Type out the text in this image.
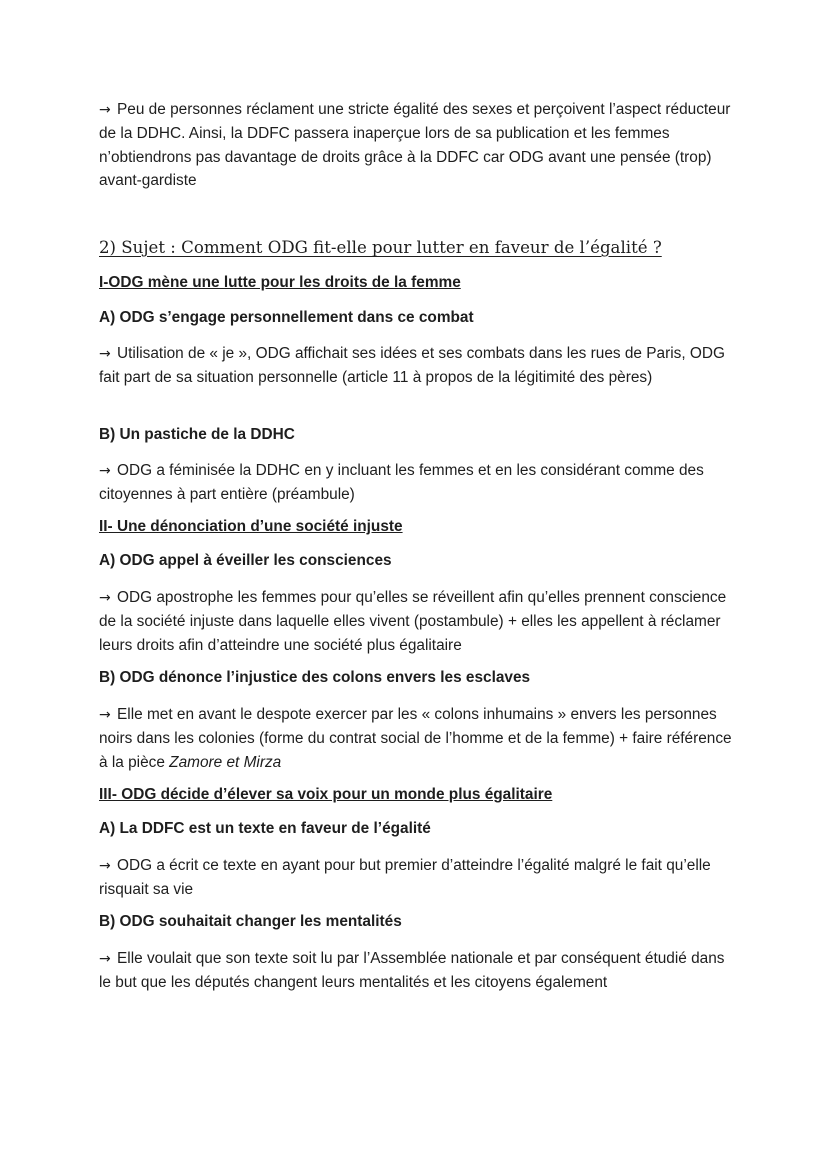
→ Peu de personnes réclament une stricte égalité des sexes et perçoivent l’aspect réducteur de la DDHC. Ainsi, la DDFC passera inaperçue lors de sa publication et les femmes n’obtiendrons pas davantage de droits grâce à la DDFC car ODG avant une pensée (trop) avant-gardiste

2) Sujet : Comment ODG fit-elle pour lutter en faveur de l’égalité ?
I-ODG mène une lutte pour les droits de la femme
A) ODG s’engage personnellement dans ce combat

→ Utilisation de « je », ODG affichait ses idées et ses combats dans les rues de Paris, ODG fait part de sa situation personnelle (article 11 à propos de la légitimité des pères)

B) Un pastiche de la DDHC

→ ODG a féminisée la DDHC en y incluant les femmes et en les considérant comme des citoyennes à part entière (préambule)

II- Une dénonciation d’une société injuste
A) ODG appel à éveiller les consciences

→ ODG apostrophe les femmes pour qu’elles se réveillent afin qu’elles prennent conscience de la société injuste dans laquelle elles vivent (postambule) + elles les appellent à réclamer leurs droits afin d’atteindre une société plus égalitaire

B) ODG dénonce l’injustice des colons envers les esclaves

→ Elle met en avant le despote exercer par les « colons inhumains » envers les personnes noirs dans les colonies (forme du contrat social de l’homme et de la femme) + faire référence à la pièce Zamore et Mirza

III- ODG décide d’élever sa voix pour un monde plus égalitaire
A) La DDFC est un texte en faveur de l’égalité

→ ODG a écrit ce texte en ayant pour but premier d’atteindre l’égalité malgré le fait qu’elle risquait sa vie

B) ODG souhaitait changer les mentalités

→ Elle voulait que son texte soit lu par l’Assemblée nationale et par conséquent étudié dans le but que les députés changent leurs mentalités et les citoyens également
